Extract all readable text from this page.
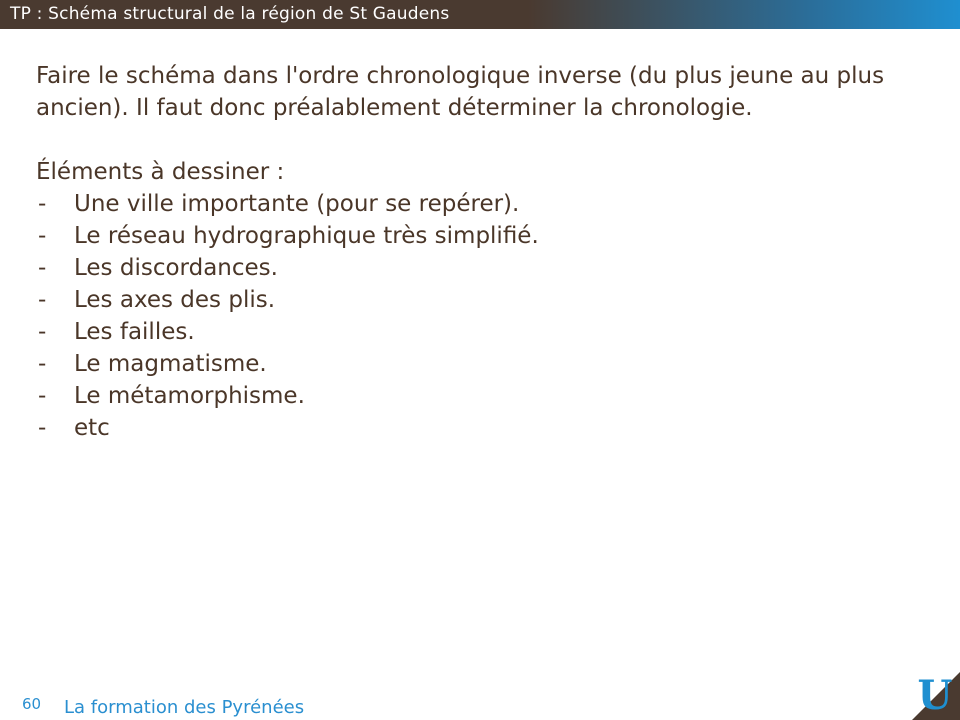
TP : Schéma structural de la région de St Gaudens

Faire le schéma dans l'ordre chronologique inverse (du plus jeune au plus ancien). Il faut donc préalablement déterminer la chronologie.

Éléments à dessiner :

-	Une ville importante (pour se repérer).
-	Le réseau hydrographique très simplifié.
-	Les discordances.
-	Les axes des plis.
-	Les failles.
-	Le magmatisme.
-	Le métamorphisme.
-	etc
60 La formation des Pyrénées	U
